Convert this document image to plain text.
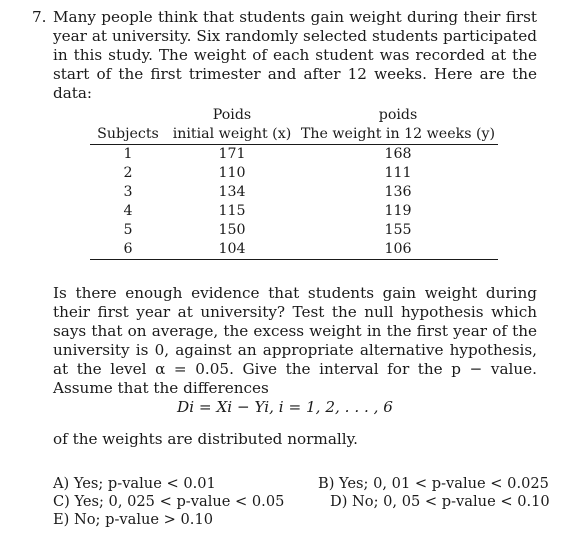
7. Many people think that students gain weight during their first year at university. Six randomly selected students participated in this study. The weight of each student was recorded at the start of the first trimester and after 12 weeks. Here are the data:
	Poids	poids
Subjects	initial weight (x)	The weight in 12 weeks (y)
1	171	168
2	110	111
3	134	136
4	115	119
5	150	155
6	104	106
Is there enough evidence that students gain weight during their first year at university? Test the null hypothesis which says that on average, the excess weight in the first year of the university is 0, against an appropriate alternative hypothesis, at the level α = 0.05. Give the interval for the p − value. Assume that the differences
Di = Xi − Yi, i = 1, 2, . . . , 6
of the weights are distributed normally.
A) Yes; p-value < 0.01	B) Yes; 0, 01 < p-value < 0.025
C) Yes; 0, 025 < p-value < 0.05	D) No; 0, 05 < p-value < 0.10
E) No; p-value > 0.10
